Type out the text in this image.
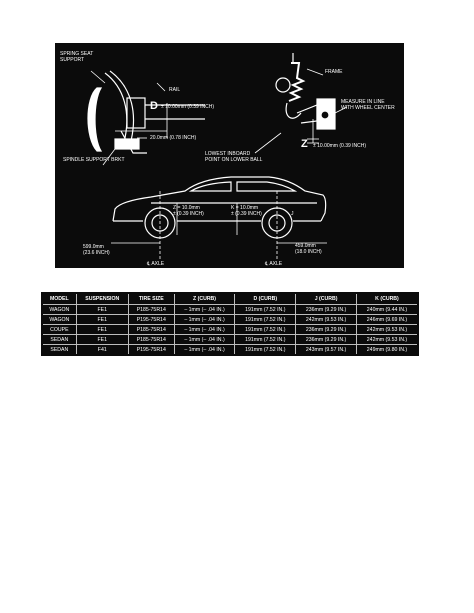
SPRING SEAT SUPPORT
RAIL
D ± 10.00mm (0.39 INCH)
20.0mm (0.78 INCH)
SPINDLE SUPPORT BRKT
FRAME
MEASURE IN LINE WITH WHEEL CENTER
Z ± 10.00mm (0.39 INCH)
LOWEST INBOARD POINT ON LOWER BALL
Z = 10.0mm ± (0.39 INCH)
K = 10.0mm ± (0.39 INCH)	J
599.0mm (23.6 INCH)
459.0mm (18.0 INCH)
℄ AXLE	℄ AXLE
MODEL	SUSPENSION	TIRE SIZE	Z (CURB)	D (CURB)	J (CURB)	K (CURB)
WAGON	FE1	P185-75R14	– 1mm (– .04 IN.)	191mm (7.52 IN.)	236mm (9.29 IN.)	240mm (9.44 IN.)
WAGON	FE1	P195-75R14	– 1mm (– .04 IN.)	191mm (7.52 IN.)	242mm (9.53 IN.)	246mm (9.69 IN.)
COUPE	FE1	P185-75R14	– 1mm (– .04 IN.)	191mm (7.52 IN.)	236mm (9.29 IN.)	242mm (9.53 IN.)
SEDAN	FE1	P185-75R14	– 1mm (– .04 IN.)	191mm (7.52 IN.)	236mm (9.29 IN.)	242mm (9.53 IN.)
SEDAN	F41	P195-75R14	– 1mm (– .04 IN.)	191mm (7.52 IN.)	243mm (9.57 IN.)	249mm (9.80 IN.)
